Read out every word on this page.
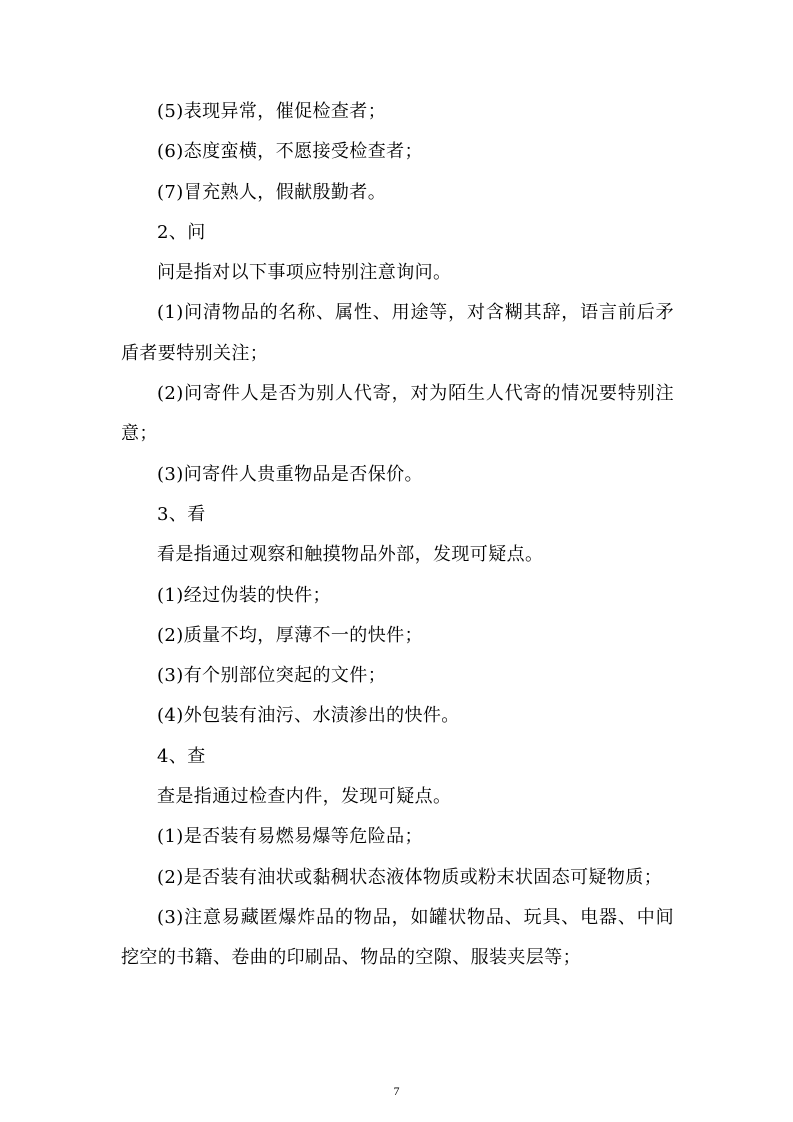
(5)表现异常，催促检查者；

(6)态度蛮横，不愿接受检查者；

(7)冒充熟人，假献殷勤者。

2、问

问是指对以下事项应特别注意询问。

(1)问清物品的名称、属性、用途等，对含糊其辞，语言前后矛盾者要特别关注；

(2)问寄件人是否为别人代寄，对为陌生人代寄的情况要特别注意；

(3)问寄件人贵重物品是否保价。

3、看

看是指通过观察和触摸物品外部，发现可疑点。

(1)经过伪装的快件；

(2)质量不均，厚薄不一的快件；

(3)有个别部位突起的文件；

(4)外包装有油污、水渍渗出的快件。

4、查

查是指通过检查内件，发现可疑点。

(1)是否装有易燃易爆等危险品；

(2)是否装有油状或黏稠状态液体物质或粉末状固态可疑物质；

(3)注意易藏匿爆炸品的物品，如罐状物品、玩具、电器、中间挖空的书籍、卷曲的印刷品、物品的空隙、服装夹层等；

7
